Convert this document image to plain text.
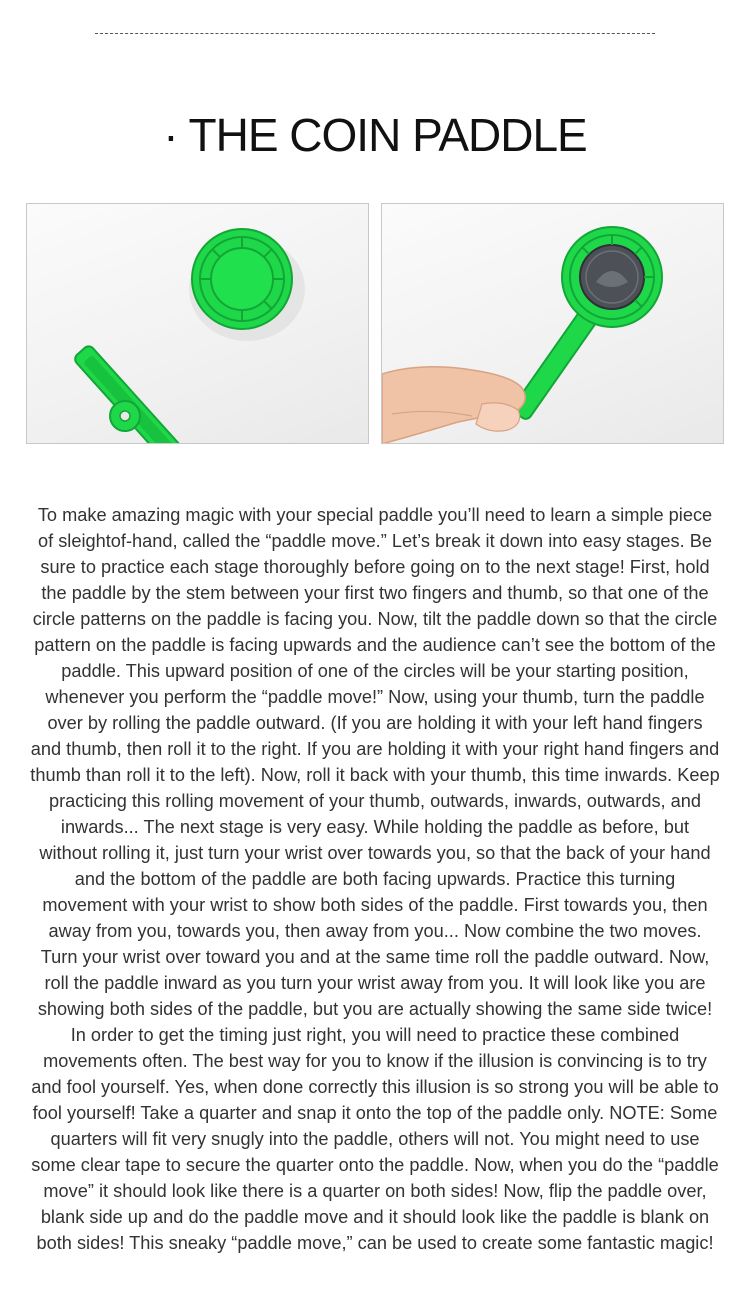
· THE COIN PADDLE
To make amazing magic with your special paddle you’ll need to learn a simple piece of sleightof-hand, called the “paddle move.” Let’s break it down into easy stages. Be sure to practice each stage thoroughly before going on to the next stage! First, hold the paddle by the stem between your first two fingers and thumb, so that one of the circle patterns on the paddle is facing you. Now, tilt the paddle down so that the circle pattern on the paddle is facing upwards and the audience can’t see the bottom of the paddle. This upward position of one of the circles will be your starting position, whenever you perform the “paddle move!” Now, using your thumb, turn the paddle over by rolling the paddle outward. (If you are holding it with your left hand fingers and thumb, then roll it to the right. If you are holding it with your right hand fingers and thumb than roll it to the left). Now, roll it back with your thumb, this time inwards. Keep practicing this rolling movement of your thumb, outwards, inwards, outwards, and inwards... The next stage is very easy. While holding the paddle as before, but without rolling it, just turn your wrist over towards you, so that the back of your hand and the bottom of the paddle are both facing upwards. Practice this turning movement with your wrist to show both sides of the paddle. First towards you, then away from you, towards you, then away from you... Now combine the two moves. Turn your wrist over toward you and at the same time roll the paddle outward. Now, roll the paddle inward as you turn your wrist away from you. It will look like you are showing both sides of the paddle, but you are actually showing the same side twice! In order to get the timing just right, you will need to practice these combined movements often. The best way for you to know if the illusion is convincing is to try and fool yourself. Yes, when done correctly this illusion is so strong you will be able to fool yourself! Take a quarter and snap it onto the top of the paddle only. NOTE: Some quarters will fit very snugly into the paddle, others will not. You might need to use some clear tape to secure the quarter onto the paddle. Now, when you do the “paddle move” it should look like there is a quarter on both sides! Now, flip the paddle over, blank side up and do the paddle move and it should look like the paddle is blank on both sides! This sneaky “paddle move,” can be used to create some fantastic magic!
